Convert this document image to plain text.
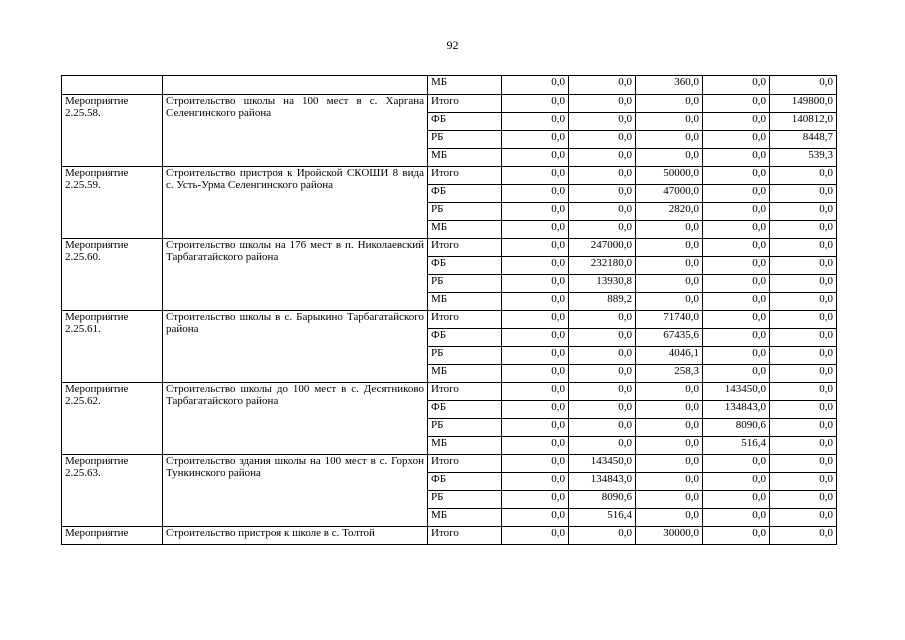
92
		МБ	0,0	0,0	360,0	0,0	0,0
Мероприятие 2.25.58.	Строительство школы на 100 мест в с. Харгана Селенгинского района	Итого	0,0	0,0	0,0	0,0	149800,0
		ФБ	0,0	0,0	0,0	0,0	140812,0
		РБ	0,0	0,0	0,0	0,0	8448,7
		МБ	0,0	0,0	0,0	0,0	539,3
Мероприятие 2.25.59.	Строительство пристроя к Иройской СКОШИ 8 вида с. Усть-Урма Селенгинского района	Итого	0,0	0,0	50000,0	0,0	0,0
		ФБ	0,0	0,0	47000,0	0,0	0,0
		РБ	0,0	0,0	2820,0	0,0	0,0
		МБ	0,0	0,0	0,0	0,0	0,0
Мероприятие 2.25.60.	Строительство школы на 176 мест в п. Николаевский Тарбагатайского района	Итого	0,0	247000,0	0,0	0,0	0,0
		ФБ	0,0	232180,0	0,0	0,0	0,0
		РБ	0,0	13930,8	0,0	0,0	0,0
		МБ	0,0	889,2	0,0	0,0	0,0
Мероприятие 2.25.61.	Строительство школы в с. Барыкино Тарбагатайского района	Итого	0,0	0,0	71740,0	0,0	0,0
		ФБ	0,0	0,0	67435,6	0,0	0,0
		РБ	0,0	0,0	4046,1	0,0	0,0
		МБ	0,0	0,0	258,3	0,0	0,0
Мероприятие 2.25.62.	Строительство школы до 100 мест в с. Десятниково Тарбагатайского района	Итого	0,0	0,0	0,0	143450,0	0,0
		ФБ	0,0	0,0	0,0	134843,0	0,0
		РБ	0,0	0,0	0,0	8090,6	0,0
		МБ	0,0	0,0	0,0	516,4	0,0
Мероприятие 2.25.63.	Строительство здания школы на 100 мест в с. Горхон Тункинского района	Итого	0,0	143450,0	0,0	0,0	0,0
		ФБ	0,0	134843,0	0,0	0,0	0,0
		РБ	0,0	8090,6	0,0	0,0	0,0
		МБ	0,0	516,4	0,0	0,0	0,0
Мероприятие	Строительство пристроя к школе в с. Толтой	Итого	0,0	0,0	30000,0	0,0	0,0
